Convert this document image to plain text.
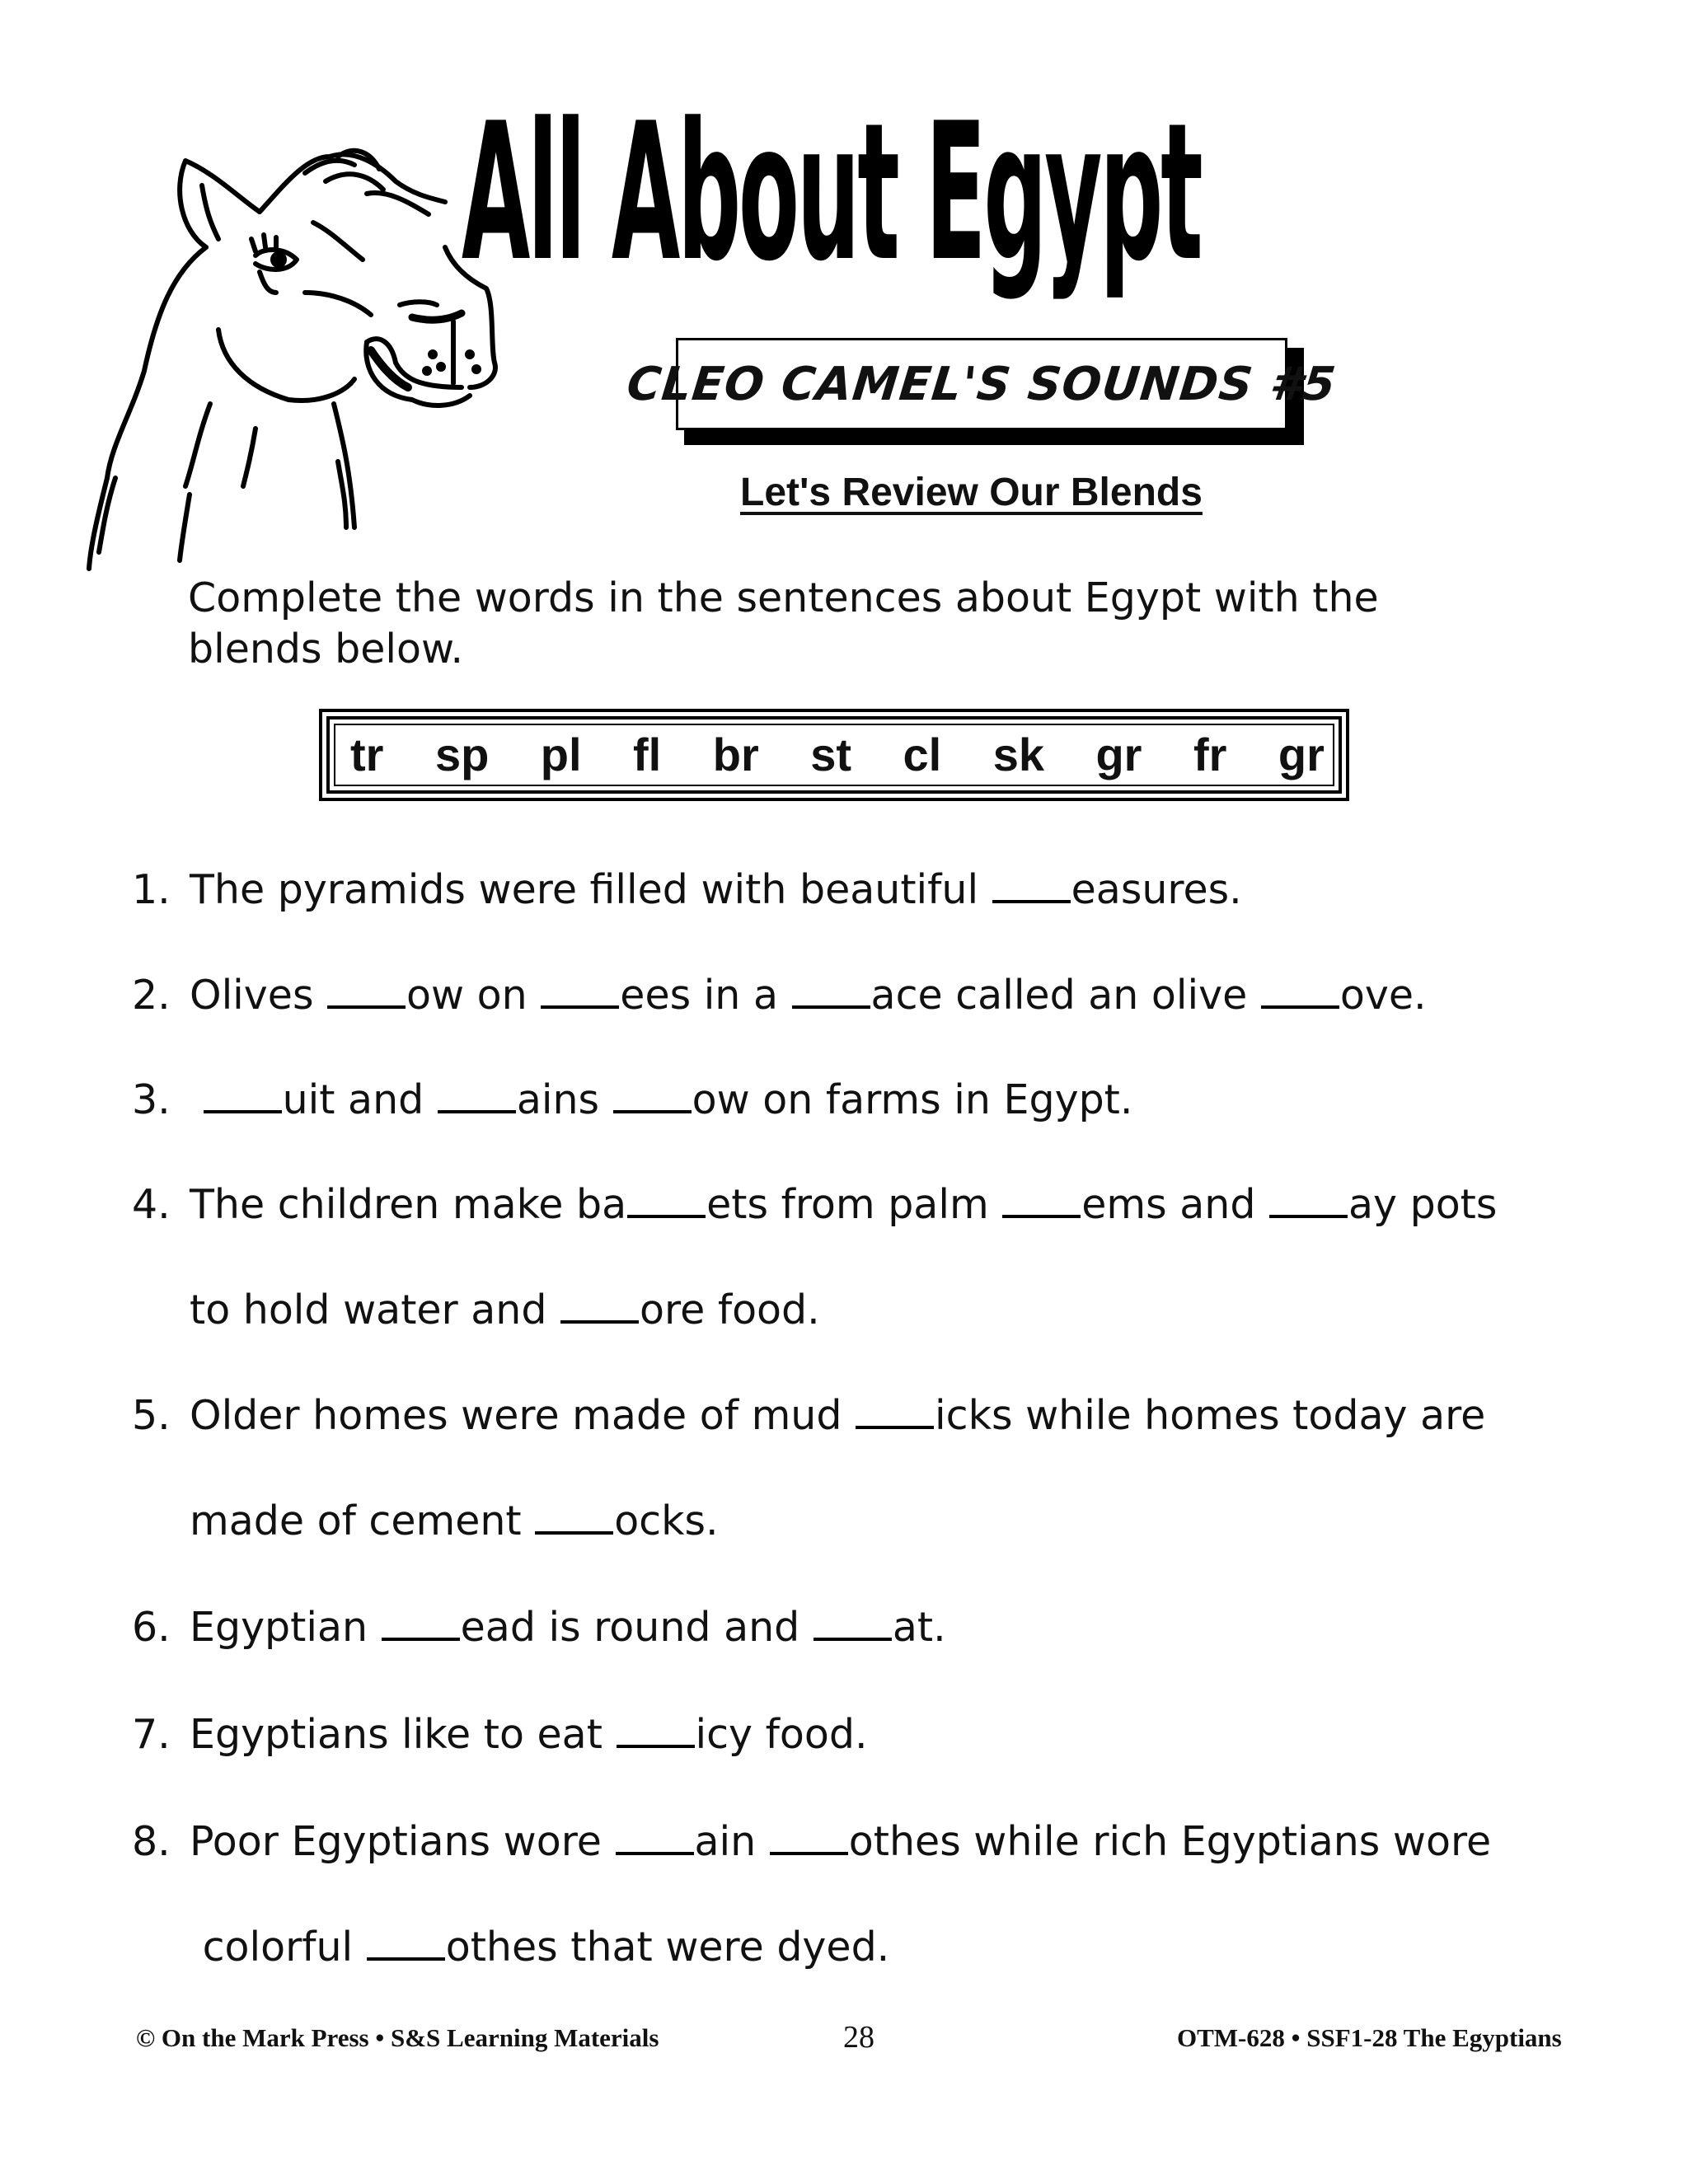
All About Egypt
CLEO CAMEL'S SOUNDS #5
Let's Review Our Blends
Complete the words in the sentences about Egypt with the blends below.
tr sp pl fl br st cl sk gr fr gr
1. The pyramids were filled with beautiful easures.
2. Olives ow on ees in a ace called an olive ove.
3.	uit and ains ow on farms in Egypt.
4. The children make ba ets from palm ems and ay pots
to hold water and ore food.
5. Older homes were made of mud icks while homes today are
made of cement ocks.
6. Egyptian ead is round and at.
7. Egyptians like to eat icy food.
8. Poor Egyptians wore ain othes while rich Egyptians wore
colorful othes that were dyed.
© On the Mark Press • S&S Learning Materials	28	OTM-628 • SSF1-28 The Egyptians
